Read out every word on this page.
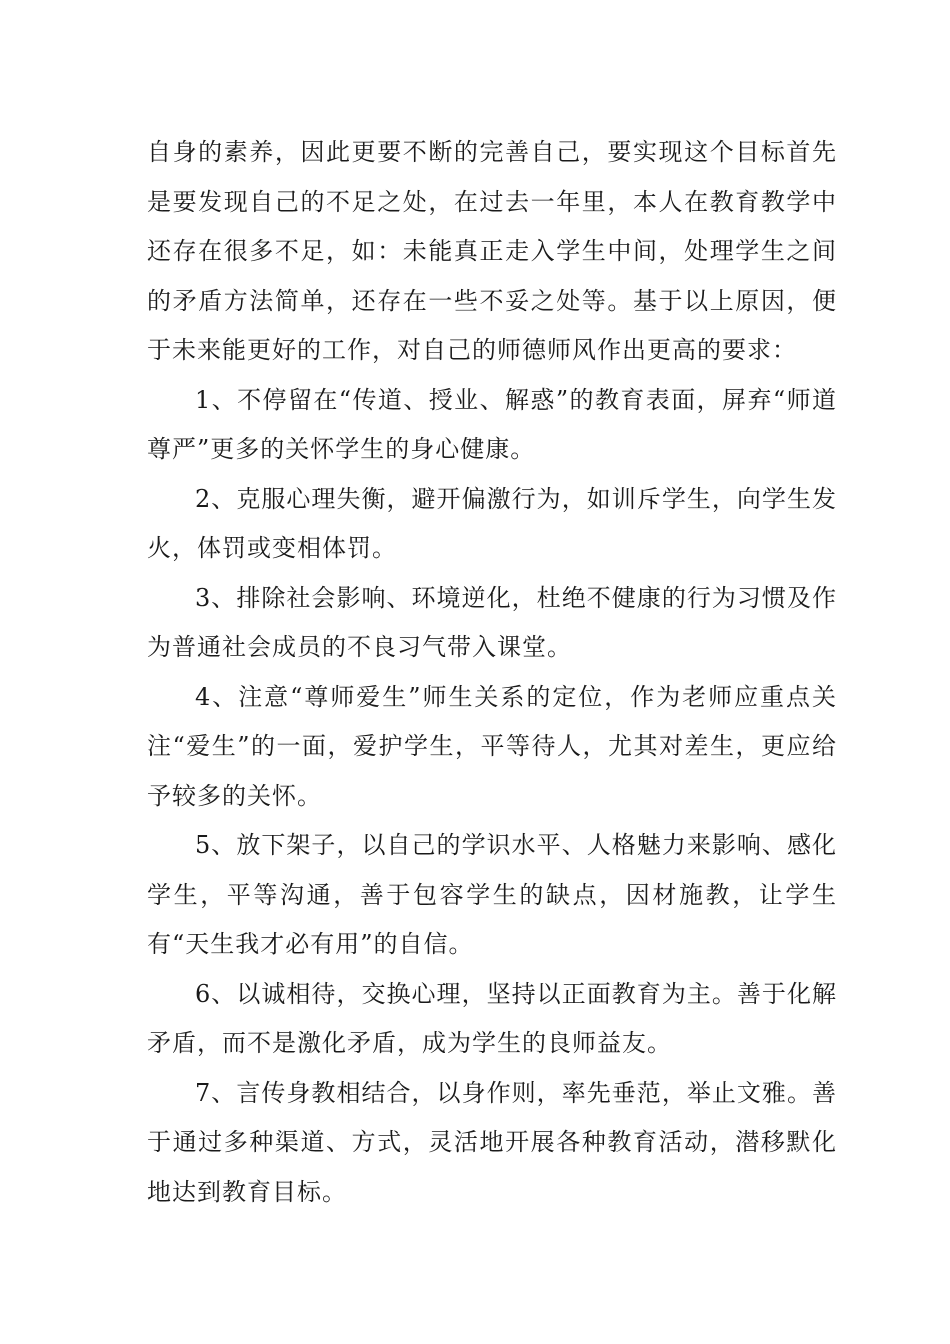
自身的素养，因此更要不断的完善自己，要实现这个目标首先是要发现自己的不足之处，在过去一年里，本人在教育教学中还存在很多不足，如：未能真正走入学生中间，处理学生之间的矛盾方法简单，还存在一些不妥之处等。基于以上原因，便于未来能更好的工作，对自己的师德师风作出更高的要求：

1、不停留在“传道、授业、解惑”的教育表面，屏弃“师道尊严”更多的关怀学生的身心健康。

2、克服心理失衡，避开偏激行为，如训斥学生，向学生发火，体罚或变相体罚。

3、排除社会影响、环境逆化，杜绝不健康的行为习惯及作为普通社会成员的不良习气带入课堂。

4、注意“尊师爱生”师生关系的定位，作为老师应重点关注“爱生”的一面，爱护学生，平等待人，尤其对差生，更应给予较多的关怀。

5、放下架子，以自己的学识水平、人格魅力来影响、感化学生，平等沟通，善于包容学生的缺点，因材施教，让学生有“天生我才必有用”的自信。

6、以诚相待，交换心理，坚持以正面教育为主。善于化解矛盾，而不是激化矛盾，成为学生的良师益友。

7、言传身教相结合，以身作则，率先垂范，举止文雅。善于通过多种渠道、方式，灵活地开展各种教育活动，潜移默化地达到教育目标。
